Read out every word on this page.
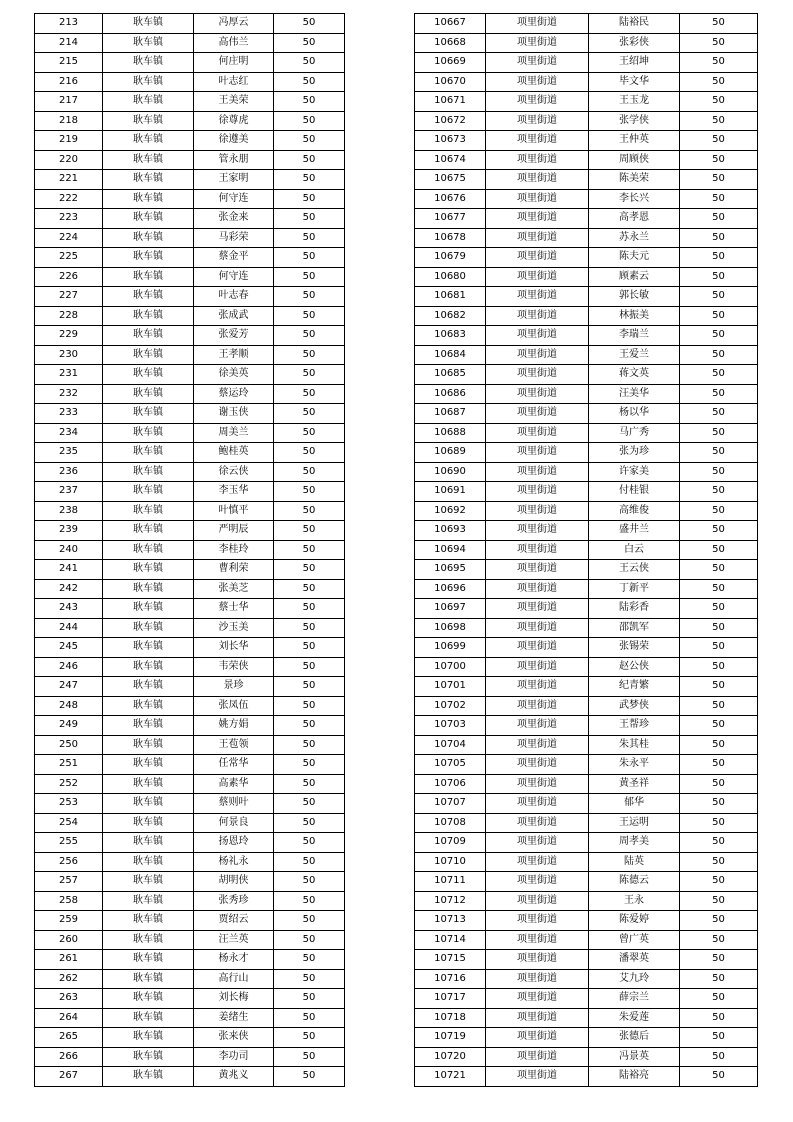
213	耿车镇	冯厚云	50
214	耿车镇	高伟兰	50
215	耿车镇	何庄明	50
216	耿车镇	叶志红	50
217	耿车镇	王美荣	50
218	耿车镇	徐尊虎	50
219	耿车镇	徐遵美	50
220	耿车镇	管永朋	50
221	耿车镇	王家明	50
222	耿车镇	何守连	50
223	耿车镇	张金来	50
224	耿车镇	马彩荣	50
225	耿车镇	蔡金平	50
226	耿车镇	何守连	50
227	耿车镇	叶志春	50
228	耿车镇	张成武	50
229	耿车镇	张爱芳	50
230	耿车镇	王孝顺	50
231	耿车镇	徐美英	50
232	耿车镇	蔡运玲	50
233	耿车镇	谢玉侠	50
234	耿车镇	周美兰	50
235	耿车镇	鲍桂英	50
236	耿车镇	徐云侠	50
237	耿车镇	李玉华	50
238	耿车镇	叶慎平	50
239	耿车镇	严明辰	50
240	耿车镇	李桂玲	50
241	耿车镇	曹利荣	50
242	耿车镇	张美芝	50
243	耿车镇	蔡士华	50
244	耿车镇	沙玉美	50
245	耿车镇	刘长华	50
246	耿车镇	韦荣侠	50
247	耿车镇	景珍	50
248	耿车镇	张凤伍	50
249	耿车镇	姚方娟	50
250	耿车镇	王苞领	50
251	耿车镇	任常华	50
252	耿车镇	高素华	50
253	耿车镇	蔡则叶	50
254	耿车镇	何景良	50
255	耿车镇	扬恩玲	50
256	耿车镇	杨礼永	50
257	耿车镇	胡明侠	50
258	耿车镇	张秀珍	50
259	耿车镇	贾绍云	50
260	耿车镇	汪兰英	50
261	耿车镇	杨永才	50
262	耿车镇	高行山	50
263	耿车镇	刘长梅	50
264	耿车镇	姜绪生	50
265	耿车镇	张来侠	50
266	耿车镇	李功司	50
267	耿车镇	黄兆义	50
10667	项里街道	陆裕民	50
10668	项里街道	张彩侠	50
10669	项里街道	王绍坤	50
10670	项里街道	毕文华	50
10671	项里街道	王玉龙	50
10672	项里街道	张学侠	50
10673	项里街道	王仲英	50
10674	项里街道	周顾侠	50
10675	项里街道	陈美荣	50
10676	项里街道	李长兴	50
10677	项里街道	高孝恩	50
10678	项里街道	苏永兰	50
10679	项里街道	陈夫元	50
10680	项里街道	顾素云	50
10681	项里街道	郭长敏	50
10682	项里街道	林振美	50
10683	项里街道	李瑞兰	50
10684	项里街道	王爱兰	50
10685	项里街道	蒋文英	50
10686	项里街道	汪美华	50
10687	项里街道	杨以华	50
10688	项里街道	马广秀	50
10689	项里街道	张为珍	50
10690	项里街道	许家美	50
10691	项里街道	付桂银	50
10692	项里街道	高维俊	50
10693	项里街道	盛井兰	50
10694	项里街道	白云	50
10695	项里街道	王云侠	50
10696	项里街道	丁新平	50
10697	项里街道	陆彩香	50
10698	项里街道	邵凯军	50
10699	项里街道	张锡荣	50
10700	项里街道	赵公侠	50
10701	项里街道	纪青繁	50
10702	项里街道	武梦侠	50
10703	项里街道	王帮珍	50
10704	项里街道	朱其桂	50
10705	项里街道	朱永平	50
10706	项里街道	黄圣祥	50
10707	项里街道	郁华	50
10708	项里街道	王运明	50
10709	项里街道	周孝美	50
10710	项里街道	陆英	50
10711	项里街道	陈德云	50
10712	项里街道	王永	50
10713	项里街道	陈爱婷	50
10714	项里街道	曾广英	50
10715	项里街道	潘翠英	50
10716	项里街道	艾九玲	50
10717	项里街道	薛宗兰	50
10718	项里街道	朱爱莲	50
10719	项里街道	张德后	50
10720	项里街道	冯景英	50
10721	项里街道	陆裕亮	50
